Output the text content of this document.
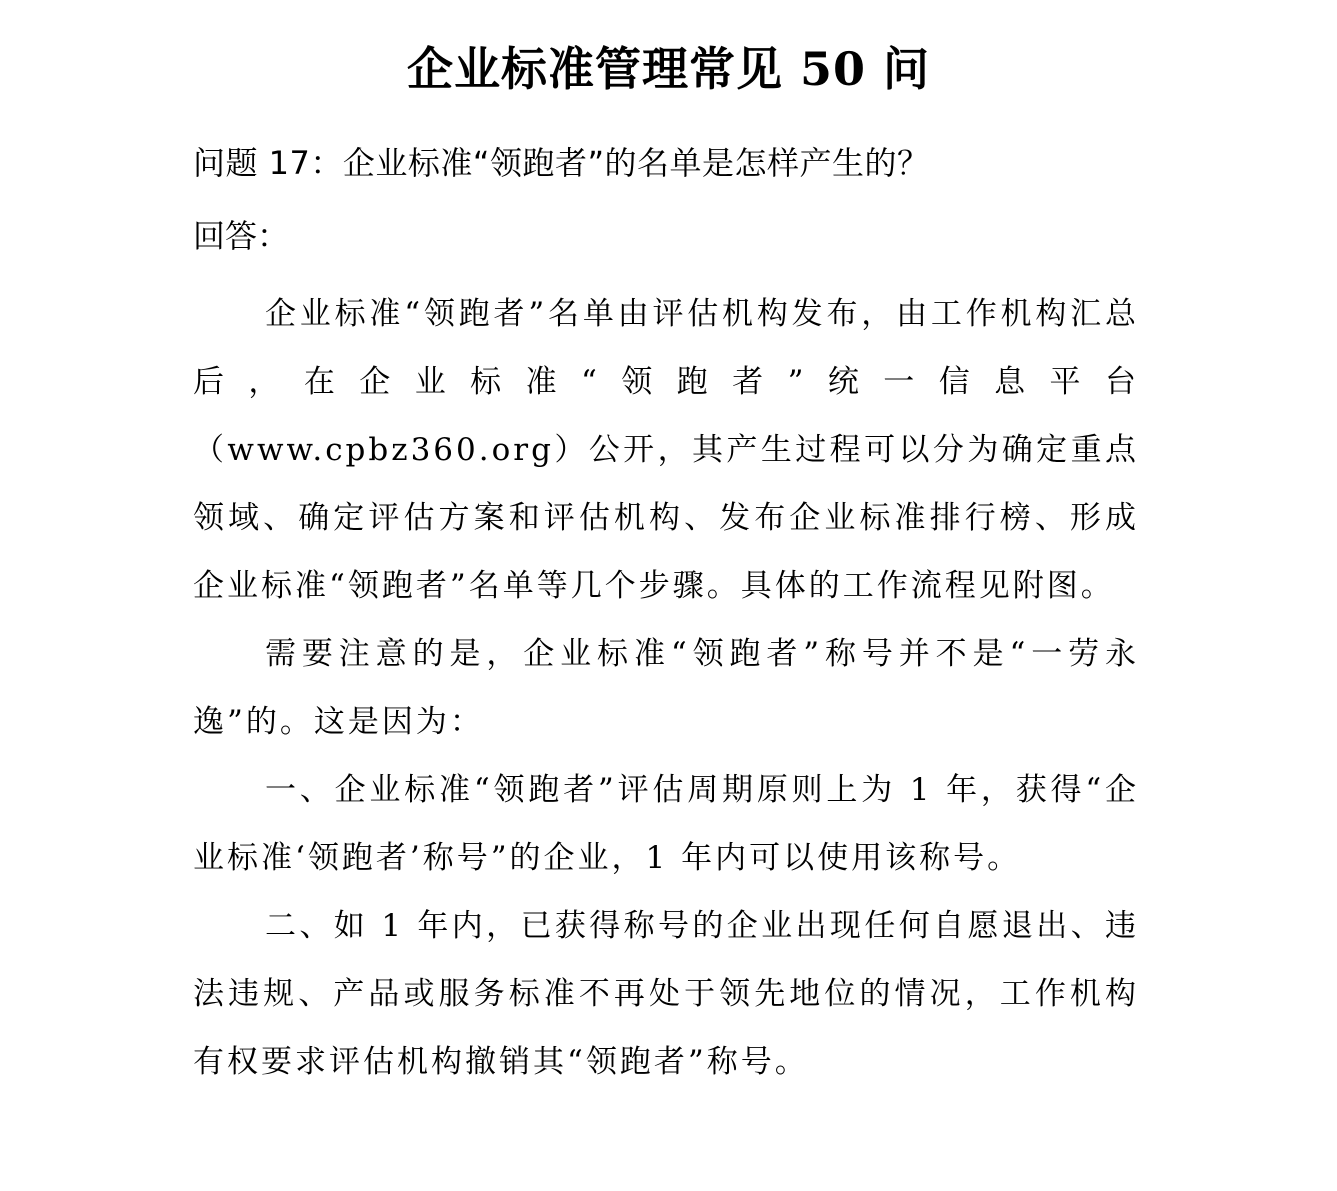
企业标准管理常见 50 问
问题 17：企业标准“领跑者”的名单是怎样产生的？
回答：

企业标准“领跑者”名单由评估机构发布，由工作机构汇总后，在企业标准“领跑者”统一信息平台（www.cpbz360.org）公开，其产生过程可以分为确定重点领域、确定评估方案和评估机构、发布企业标准排行榜、形成企业标准“领跑者”名单等几个步骤。具体的工作流程见附图。

需要注意的是，企业标准“领跑者”称号并不是“一劳永逸”的。这是因为：

一、企业标准“领跑者”评估周期原则上为 1 年，获得“企业标准‘领跑者’称号”的企业，1 年内可以使用该称号。

二、如 1 年内，已获得称号的企业出现任何自愿退出、违法违规、产品或服务标准不再处于领先地位的情况，工作机构有权要求评估机构撤销其“领跑者”称号。
